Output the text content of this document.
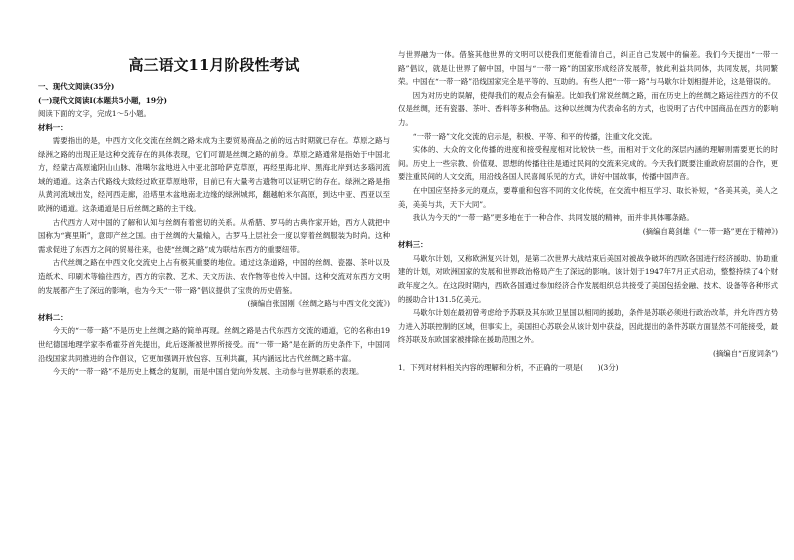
高三语文11月阶段性考试
一、现代文阅读(35分)
(一)现代文阅读Ⅰ(本题共5小题，19分)
阅读下面的文字，完成1～5小题。
材料一：

需要指出的是，中西方文化交流在丝绸之路未成为主要贸易商品之前的远古时期就已存在。草原之路与绿洲之路的出现正是这种交流存在的具体表现，它们可谓是丝绸之路的前身。草原之路通常是指始于中国北方，经蒙古高原逾阴山山脉、准噶尔盆地进入中亚北部哈萨克草原，再经里海北岸、黑海北岸到达多瑙河流域的通道。这条古代路线大致经过欧亚草原地带，目前已有大量考古遗物可以证明它的存在。绿洲之路是指从黄河流域出发，经河西走廊，沿塔里木盆地南北边缘的绿洲城邦，翻越帕米尔高原，到达中亚、西亚以至欧洲的通道。这条通道是日后丝绸之路的主干线。

古代西方人对中国的了解和认知与丝绸有着密切的关系。从希腊、罗马的古典作家开始，西方人就把中国称为“赛里斯”，意即产丝之国。由于丝绸的大量输入，古罗马上层社会一度以穿着丝绸服装为时尚。这种需求促进了东西方之间的贸易往来，也使“丝绸之路”成为联结东西方的重要纽带。

古代丝绸之路在中西文化交流史上占有极其重要的地位。通过这条道路，中国的丝绸、瓷器、茶叶以及造纸术、印刷术等输往西方，西方的宗教、艺术、天文历法、农作物等也传入中国。这种交流对东西方文明的发展都产生了深远的影响，也为今天“一带一路”倡议提供了宝贵的历史借鉴。

(摘编自张国刚《丝绸之路与中西文化交流》)

材料二：

今天的“一带一路”不是历史上丝绸之路的简单再现。丝绸之路是古代东西方交流的通道，它的名称由19世纪德国地理学家李希霍芬首先提出，此后逐渐被世界所接受。而“一带一路”是在新的历史条件下，中国同沿线国家共同推进的合作倡议，它更加强调开放包容、互利共赢，其内涵远比古代丝绸之路丰富。

今天的“一带一路”不是历史上概念的复制，而是中国自觉向外发展、主动参与世界联系的表现。

与世界融为一体。借鉴其他世界的文明可以使我们更能看清自己，纠正自己发展中的偏差。我们今天提出“一带一路”倡议，就是让世界了解中国，中国与“一带一路”的国家形成经济发展带，彼此利益共同体，共同发展，共同繁荣。中国在“一带一路”沿线国家完全是平等的、互助的。有些人把“一带一路”与马歇尔计划相提并论，这是错误的。

因为对历史的误解，使得我们的观点会有偏差。比如我们常说丝绸之路，而在历史上的丝绸之路运往西方的不仅仅是丝绸，还有瓷器、茶叶、香料等多种物品。这种以丝绸为代表命名的方式，也说明了古代中国商品在西方的影响力。

“一带一路”文化交流的启示是，积极、平等、和平的传播，注重文化交流。

实体的、大众的文化传播的进度和接受程度相对比较快一些，而相对于文化的深层内涵的理解则需要更长的时间。历史上一些宗教、价值观、思想的传播往往是通过民间的交流来完成的。今天我们既要注重政府层面的合作，更要注重民间的人文交流，用沿线各国人民喜闻乐见的方式，讲好中国故事，传播中国声音。

在中国应坚持多元的观点，要尊重和包容不同的文化传统，在交流中相互学习、取长补短，“各美其美，美人之美，美美与共，天下大同”。

我认为今天的“一带一路”更多地在于一种合作、共同发展的精神，而并非具体哪条路。

(摘编自葛剑雄《“一带一路”更在于精神》)

材料三：

马歇尔计划，又称欧洲复兴计划，是第二次世界大战结束后美国对被战争破坏的西欧各国进行经济援助、协助重建的计划，对欧洲国家的发展和世界政治格局产生了深远的影响。该计划于1947年7月正式启动，整整持续了4个财政年度之久。在这段时期内，西欧各国通过参加经济合作发展组织总共接受了美国包括金融、技术、设备等各种形式的援助合计131.5亿美元。

马歇尔计划在最初曾考虑给予苏联及其东欧卫星国以相同的援助，条件是苏联必须进行政治改革，并允许西方势力进入苏联控制的区域，但事实上，美国担心苏联会从该计划中获益，因此提出的条件苏联方面显然不可能接受，最终苏联及东欧国家被排除在援助范围之外。

(摘编自“百度词条”)

1．下列对材料相关内容的理解和分析，不正确的一项是(　　)(3分)
